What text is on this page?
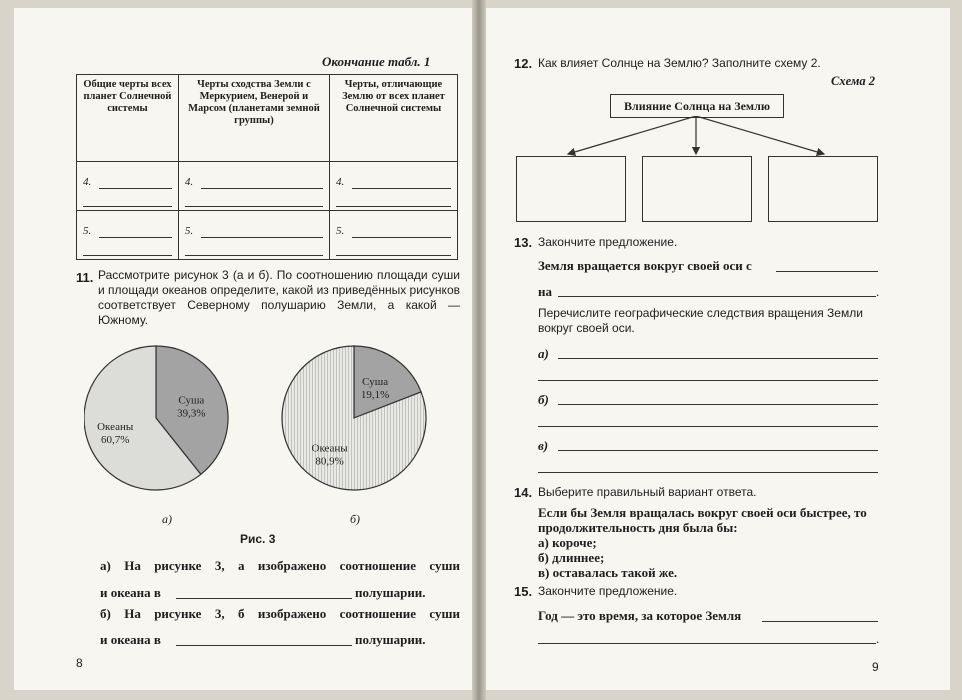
Окончание табл. 1
Общие черты всех планет Солнечной системы	Черты сходства Земли с Меркурием, Венерой и Марсом (планетами земной группы)	Черты, отличающие Землю от всех планет Солнечной системы

4.	4.	4.

5.	5.	5.
11. Рассмотрите рисунок 3 (а и б). По соотношению площади суши и площади океанов определите, какой из приведённых рисунков соответствует Северному полушарию Земли, а какой — Южному.
Суша
39,3%
Океаны
60,7%
Суша
19,1%
Океаны
80,9%
а)	б)
Рис. 3
а) На рисунке 3, а изображено соотношение суши
и океана в	полушарии.
б) На рисунке 3, б изображено соотношение суши
и океана в	полушарии.
8
12. Как влияет Солнце на Землю? Заполните схему 2.
Схема 2
Влияние Солнца на Землю
13. Закончите предложение.
Земля вращается вокруг своей оси с
на	.
Перечислите географические следствия вращения Земли вокруг своей оси.
а)
б)
в)
14. Выберите правильный вариант ответа.
Если бы Земля вращалась вокруг своей оси быстрее, то продолжительность дня была бы:
а) короче;
б) длиннее;
в) оставалась такой же.
15. Закончите предложение.
Год — это время, за которое Земля
.
9
